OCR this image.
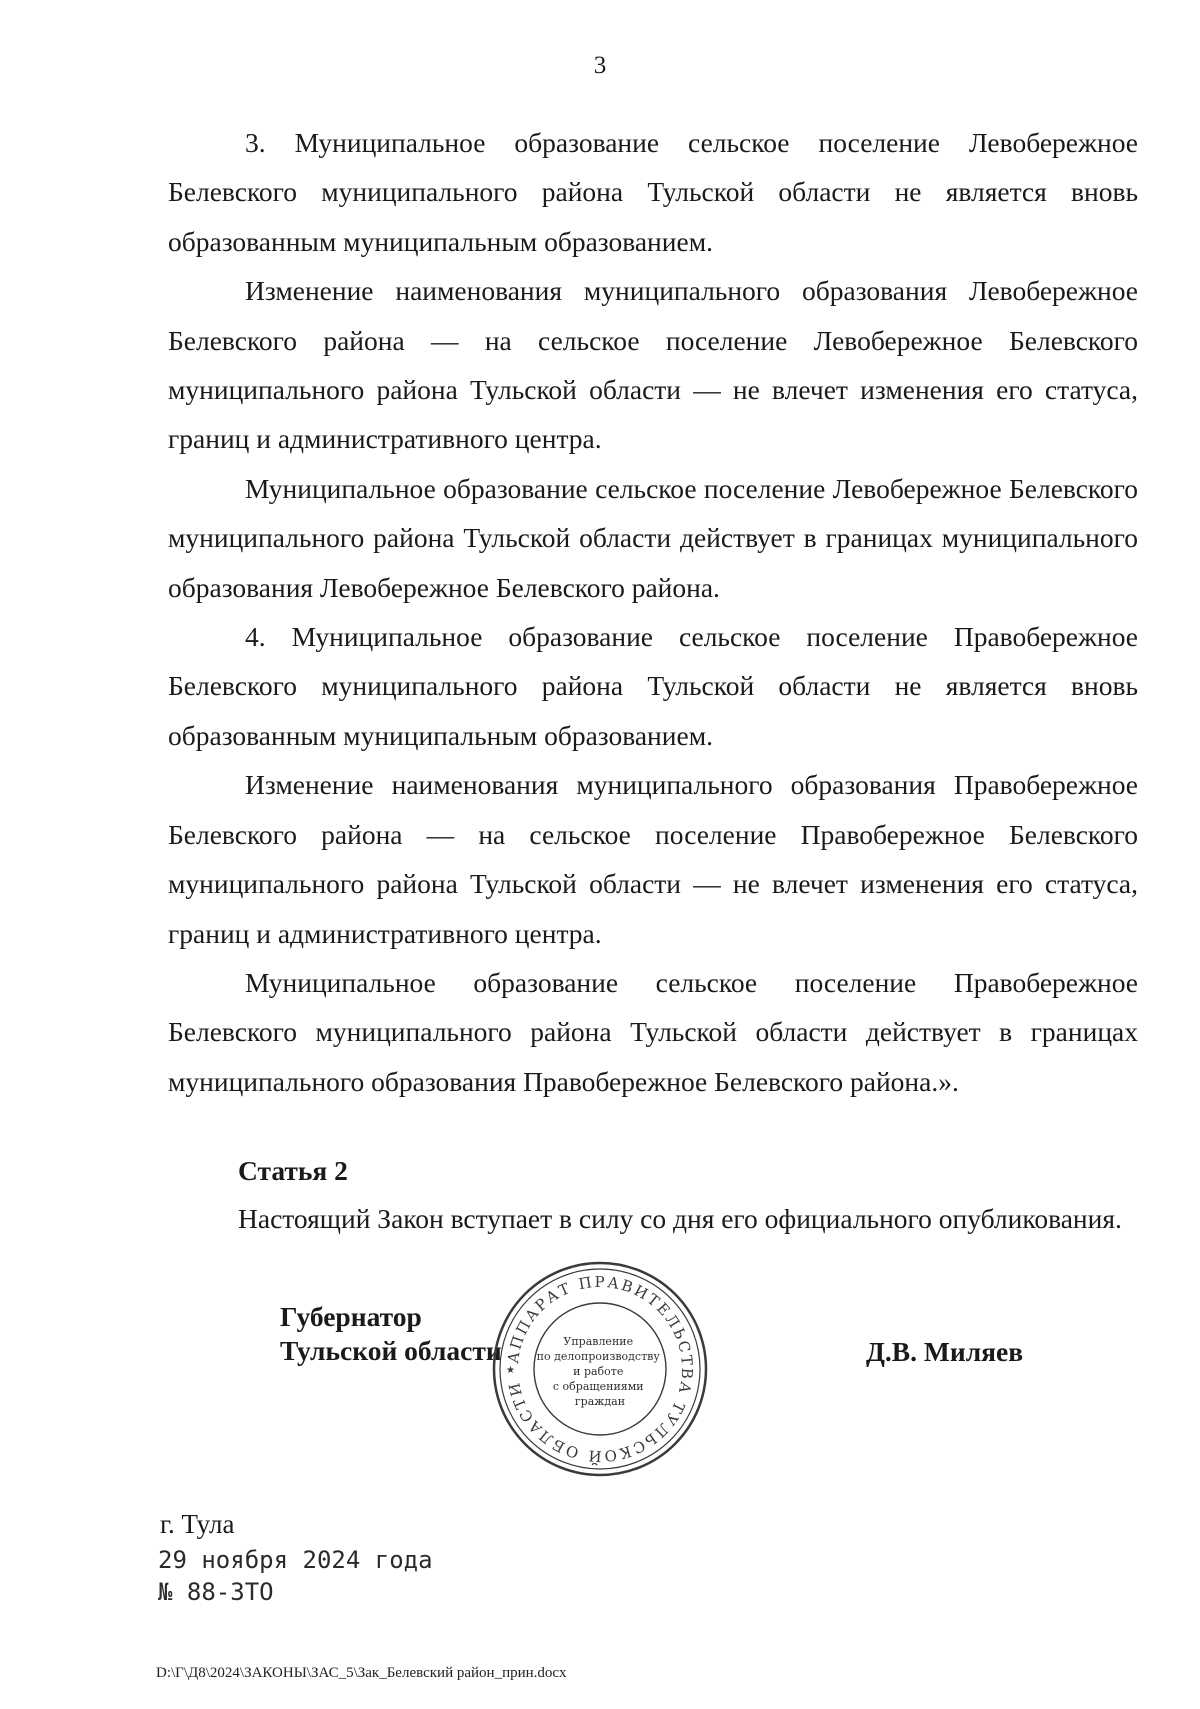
3

3. Муниципальное образование сельское поселение Левобережное Белевского муниципального района Тульской области не является вновь образованным муниципальным образованием.

Изменение наименования муниципального образования Левобережное Белевского района — на сельское поселение Левобережное Белевского муниципального района Тульской области — не влечет изменения его статуса, границ и административного центра.

Муниципальное образование сельское поселение Левобережное Белевского муниципального района Тульской области действует в границах муниципального образования Левобережное Белевского района.

4. Муниципальное образование сельское поселение Правобережное Белевского муниципального района Тульской области не является вновь образованным муниципальным образованием.

Изменение наименования муниципального образования Правобережное Белевского района — на сельское поселение Правобережное Белевского муниципального района Тульской области — не влечет изменения его статуса, границ и административного центра.

Муниципальное образование сельское поселение Правобережное Белевского муниципального района Тульской области действует в границах муниципального образования Правобережное Белевского района.».

Статья 2
Настоящий Закон вступает в силу со дня его официального опубликования.
Губернатор
Тульской области АППАРАТ ПРАВИТЕЛЬСТВА ТУЛЬСКОЙ ОБЛАСТИ
★
Управление по делопроизводству и работе с обращениями граждан
Д.В. Миляев
г. Тула
29 ноября 2024 года
№ 88-ЗТО
D:\Г\Д8\2024\ЗАКОНЫ\ЗАС_5\Зак_Белевский район_прин.docx
